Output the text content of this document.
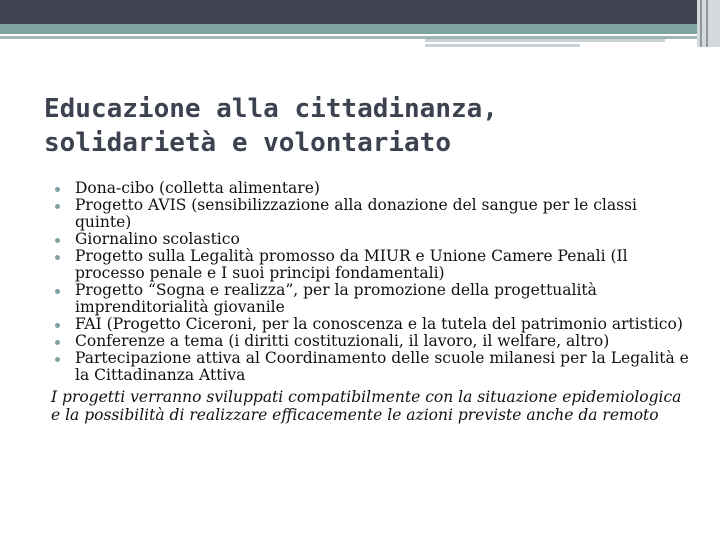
Educazione alla cittadinanza,
solidarietà e volontariato
Dona-cibo (colletta alimentare)
Progetto AVIS (sensibilizzazione alla donazione del sangue per le classi quinte)
Giornalino scolastico
Progetto sulla Legalità promosso da MIUR e Unione Camere Penali (Il processo penale e I suoi principi fondamentali)
Progetto “Sogna e realizza”, per la promozione della progettualità imprenditorialità giovanile
FAI (Progetto Ciceroni, per la conoscenza e la tutela del patrimonio artistico)
Conferenze a tema (i diritti costituzionali, il lavoro, il welfare, altro)
Partecipazione attiva al Coordinamento delle scuole milanesi per la Legalità e la Cittadinanza Attiva

I progetti verranno sviluppati compatibilmente con la situazione epidemiologica e la possibilità di realizzare efficacemente le azioni previste anche da remoto
